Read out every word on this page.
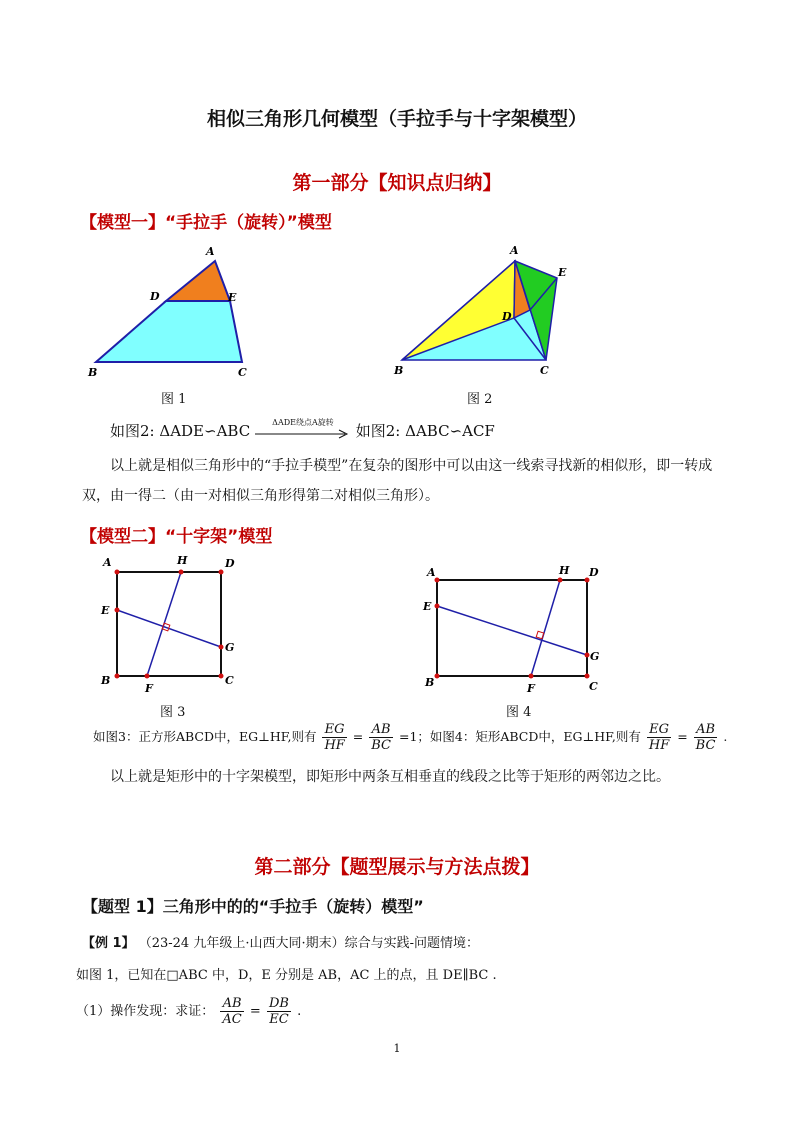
相似三角形几何模型（手拉手与十字架模型）
第一部分【知识点归纳】
【模型一】“手拉手（旋转）”模型
A
D	E
B	C
图 1
A
E
D
B	C
图 2
如图2: ΔADE∽ABC	ΔADE绕点A旋转	如图2: ΔABC∽ACF
以上就是相似三角形中的“手拉手模型”在复杂的图形中可以由这一线索寻找新的相似形，即一转成双，由一得二（由一对相似三角形得第二对相似三角形）。
【模型二】“十字架”模型
A	H	D
E
G
B
F
C
图 3
A	H D
E
G
B	F	C
图 4
如图3：正方形ABCD中，EG⊥HF,则有 $\frac{EG}{HF} = \frac{AB}{BC} =1$；如图4：矩形ABCD中，EG⊥HF,则有 $\frac{EG}{HF} = \frac{AB}{BC}$ .
以上就是矩形中的十字架模型，即矩形中两条互相垂直的线段之比等于矩形的两邻边之比。
第二部分【题型展示与方法点拨】
【题型 1】三角形中的的“手拉手（旋转）模型”
【例 1】 （23-24 九年级上·山西大同·期末）综合与实践-问题情境：
如图 1，已知在□ABC 中，D，E 分别是 AB，AC 上的点，且 DE∥BC .
（1）操作发现：求证： $\frac{AB}{AC} = \frac{DB}{EC}$ .
1
